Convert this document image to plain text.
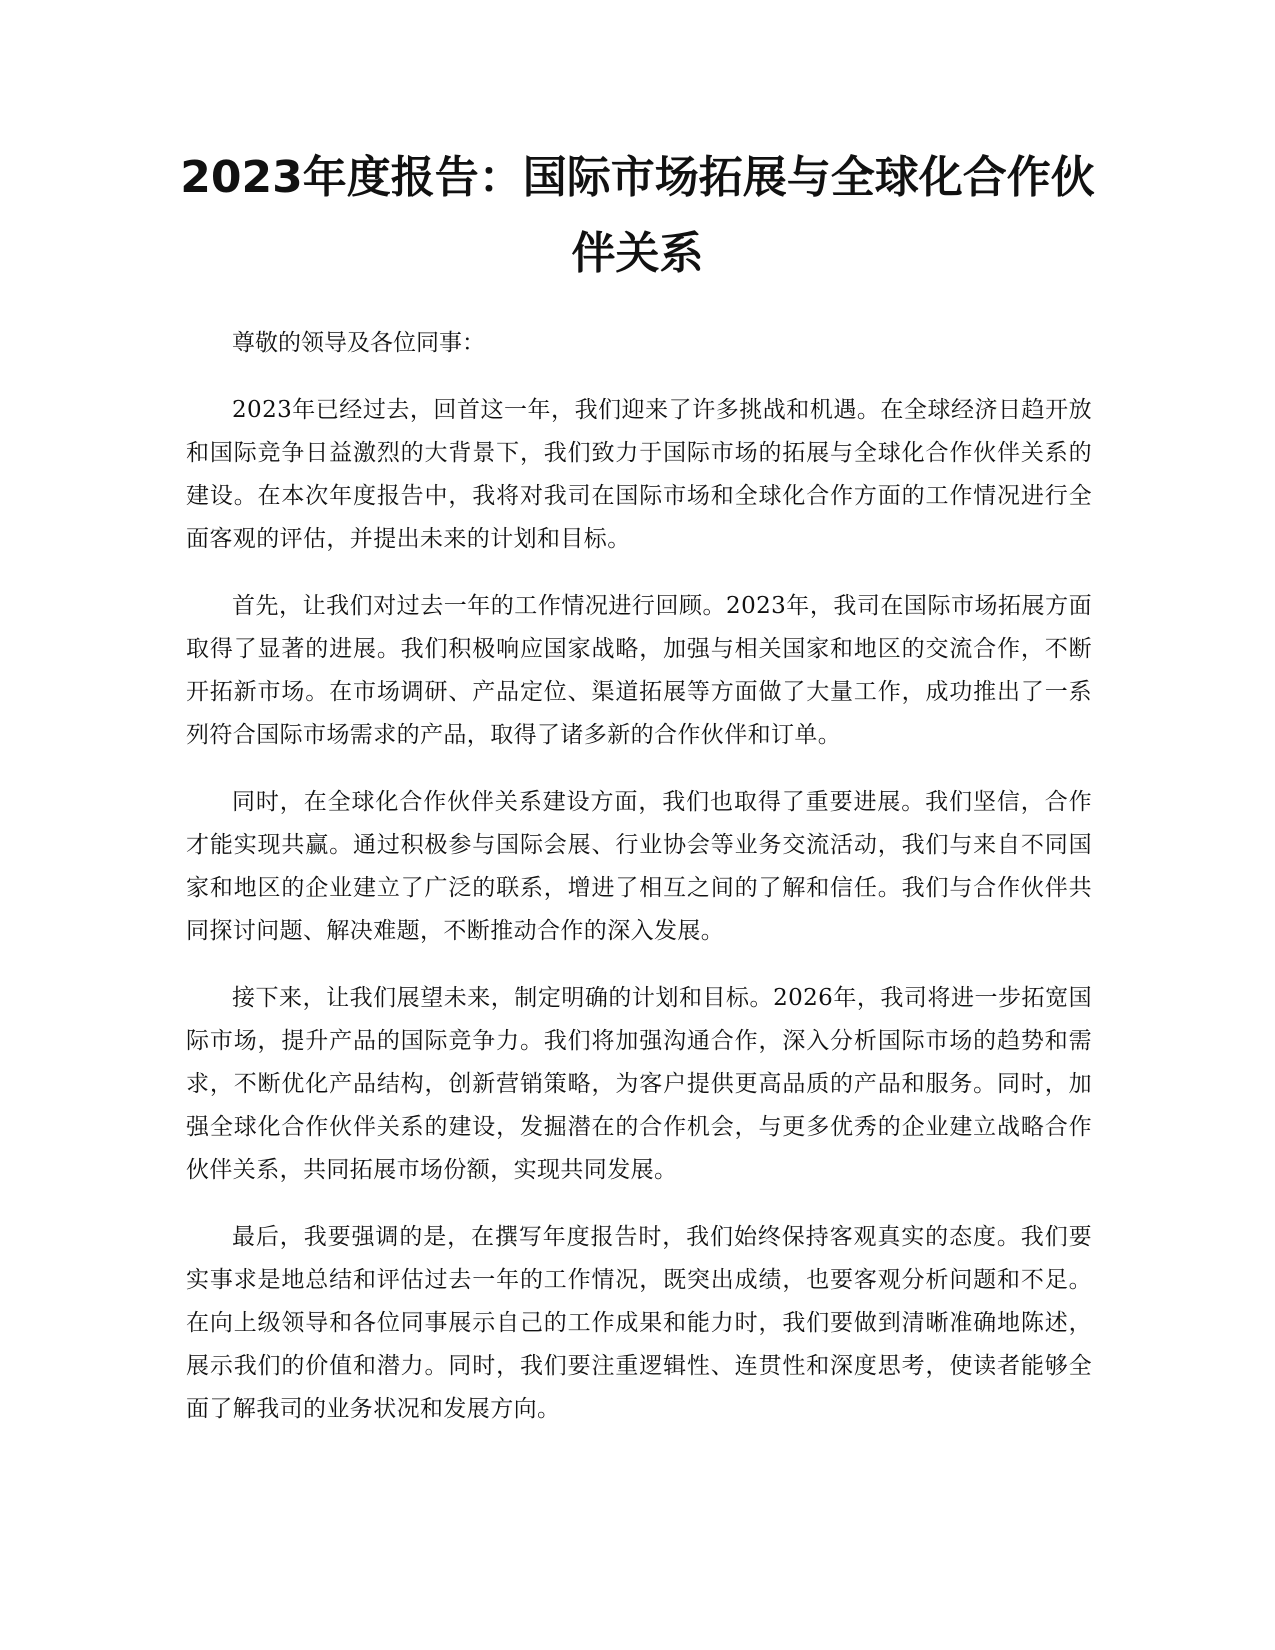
2023年度报告：国际市场拓展与全球化合作伙伴关系

尊敬的领导及各位同事：

2023年已经过去，回首这一年，我们迎来了许多挑战和机遇。在全球经济日趋开放和国际竞争日益激烈的大背景下，我们致力于国际市场的拓展与全球化合作伙伴关系的建设。在本次年度报告中，我将对我司在国际市场和全球化合作方面的工作情况进行全面客观的评估，并提出未来的计划和目标。

首先，让我们对过去一年的工作情况进行回顾。2023年，我司在国际市场拓展方面取得了显著的进展。我们积极响应国家战略，加强与相关国家和地区的交流合作，不断开拓新市场。在市场调研、产品定位、渠道拓展等方面做了大量工作，成功推出了一系列符合国际市场需求的产品，取得了诸多新的合作伙伴和订单。

同时，在全球化合作伙伴关系建设方面，我们也取得了重要进展。我们坚信，合作才能实现共赢。通过积极参与国际会展、行业协会等业务交流活动，我们与来自不同国家和地区的企业建立了广泛的联系，增进了相互之间的了解和信任。我们与合作伙伴共同探讨问题、解决难题，不断推动合作的深入发展。

接下来，让我们展望未来，制定明确的计划和目标。2026年，我司将进一步拓宽国际市场，提升产品的国际竞争力。我们将加强沟通合作，深入分析国际市场的趋势和需求，不断优化产品结构，创新营销策略，为客户提供更高品质的产品和服务。同时，加强全球化合作伙伴关系的建设，发掘潜在的合作机会，与更多优秀的企业建立战略合作伙伴关系，共同拓展市场份额，实现共同发展。

最后，我要强调的是，在撰写年度报告时，我们始终保持客观真实的态度。我们要实事求是地总结和评估过去一年的工作情况，既突出成绩，也要客观分析问题和不足。在向上级领导和各位同事展示自己的工作成果和能力时，我们要做到清晰准确地陈述，展示我们的价值和潜力。同时，我们要注重逻辑性、连贯性和深度思考，使读者能够全面了解我司的业务状况和发展方向。
